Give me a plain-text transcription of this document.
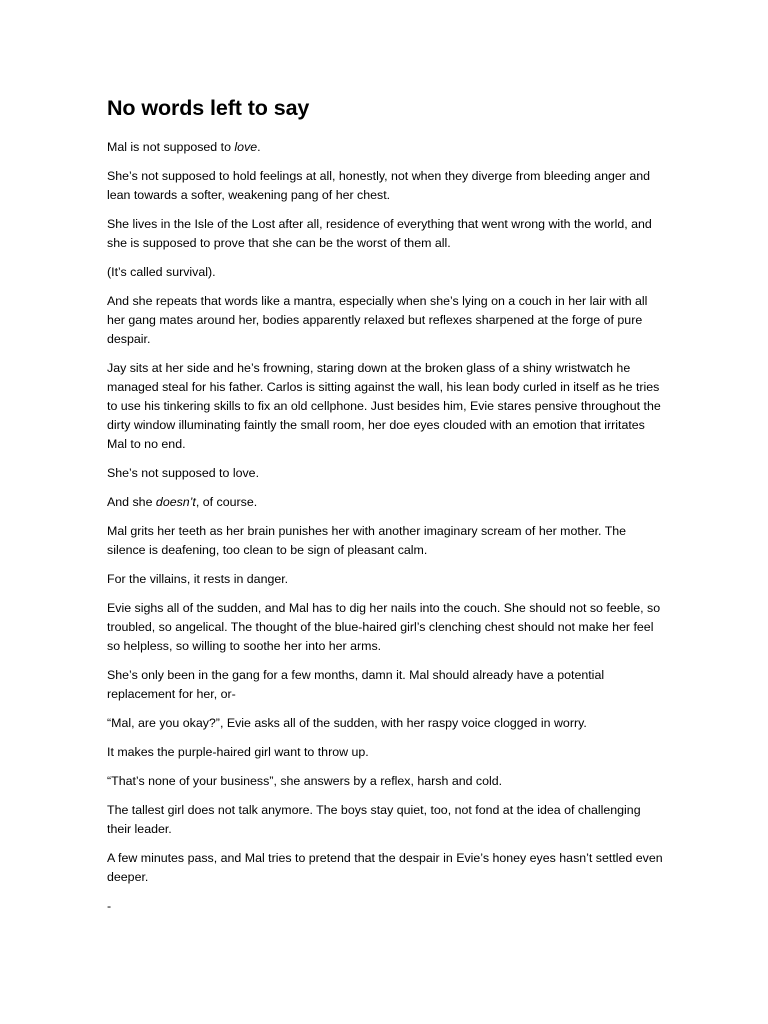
No words left to say

Mal is not supposed to love.

She’s not supposed to hold feelings at all, honestly, not when they diverge from bleeding anger and lean towards a softer, weakening pang of her chest.

She lives in the Isle of the Lost after all, residence of everything that went wrong with the world, and she is supposed to prove that she can be the worst of them all.

(It’s called survival).

And she repeats that words like a mantra, especially when she’s lying on a couch in her lair with all her gang mates around her, bodies apparently relaxed but reflexes sharpened at the forge of pure despair.

Jay sits at her side and he’s frowning, staring down at the broken glass of a shiny wristwatch he managed steal for his father. Carlos is sitting against the wall, his lean body curled in itself as he tries to use his tinkering skills to fix an old cellphone. Just besides him, Evie stares pensive throughout the dirty window illuminating faintly the small room, her doe eyes clouded with an emotion that irritates Mal to no end.

She’s not supposed to love.

And she doesn’t, of course.

Mal grits her teeth as her brain punishes her with another imaginary scream of her mother. The silence is deafening, too clean to be sign of pleasant calm.

For the villains, it rests in danger.

Evie sighs all of the sudden, and Mal has to dig her nails into the couch. She should not so feeble, so troubled, so angelical. The thought of the blue-haired girl’s clenching chest should not make her feel so helpless, so willing to soothe her into her arms.

She’s only been in the gang for a few months, damn it. Mal should already have a potential replacement for her, or-

“Mal, are you okay?”, Evie asks all of the sudden, with her raspy voice clogged in worry.

It makes the purple-haired girl want to throw up.

“That’s none of your business”, she answers by a reflex, harsh and cold.

The tallest girl does not talk anymore. The boys stay quiet, too, not fond at the idea of challenging their leader.

A few minutes pass, and Mal tries to pretend that the despair in Evie’s honey eyes hasn’t settled even deeper.

-
